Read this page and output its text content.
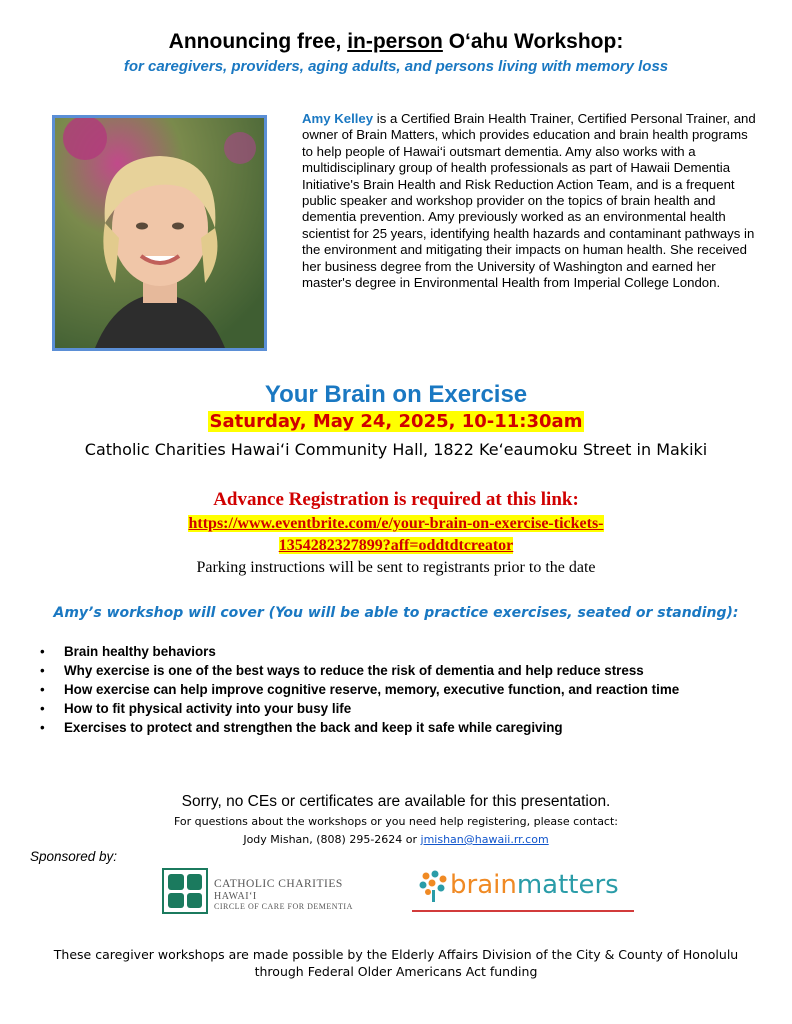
Announcing free, in-person O‘ahu Workshop:
for caregivers, providers, aging adults, and persons living with memory loss
Amy Kelley is a Certified Brain Health Trainer, Certified Personal Trainer, and owner of Brain Matters, which provides education and brain health programs to help people of Hawai‘i outsmart dementia. Amy also works with a multidisciplinary group of health professionals as part of Hawaii Dementia Initiative's Brain Health and Risk Reduction Action Team, and is a frequent public speaker and workshop provider on the topics of brain health and dementia prevention. Amy previously worked as an environmental health scientist for 25 years, identifying health hazards and contaminant pathways in the environment and mitigating their impacts on human health. She received her business degree from the University of Washington and earned her master's degree in Environmental Health from Imperial College London.
Your Brain on Exercise
Saturday, May 24, 2025, 10-11:30am
Catholic Charities Hawai‘i Community Hall, 1822 Ke‘eaumoku Street in Makiki
Advance Registration is required at this link:
https://www.eventbrite.com/e/your-brain-on-exercise-tickets-
1354282327899?aff=oddtdtcreator
Parking instructions will be sent to registrants prior to the date
Amy’s workshop will cover (You will be able to practice exercises, seated or standing):
• Brain healthy behaviors
• Why exercise is one of the best ways to reduce the risk of dementia and help reduce stress
• How exercise can help improve cognitive reserve, memory, executive function, and reaction time
• How to fit physical activity into your busy life
• Exercises to protect and strengthen the back and keep it safe while caregiving
Sorry, no CEs or certificates are available for this presentation.
For questions about the workshops or you need help registering, please contact:
Jody Mishan, (808) 295-2624 or jmishan@hawaii.rr.com
Sponsored by:
CATHOLIC CHARITIES
HAWAI‘I
CIRCLE OF CARE FOR DEMENTIA
brainmatters
These caregiver workshops are made possible by the Elderly Affairs Division of the City & County of Honolulu
through Federal Older Americans Act funding
